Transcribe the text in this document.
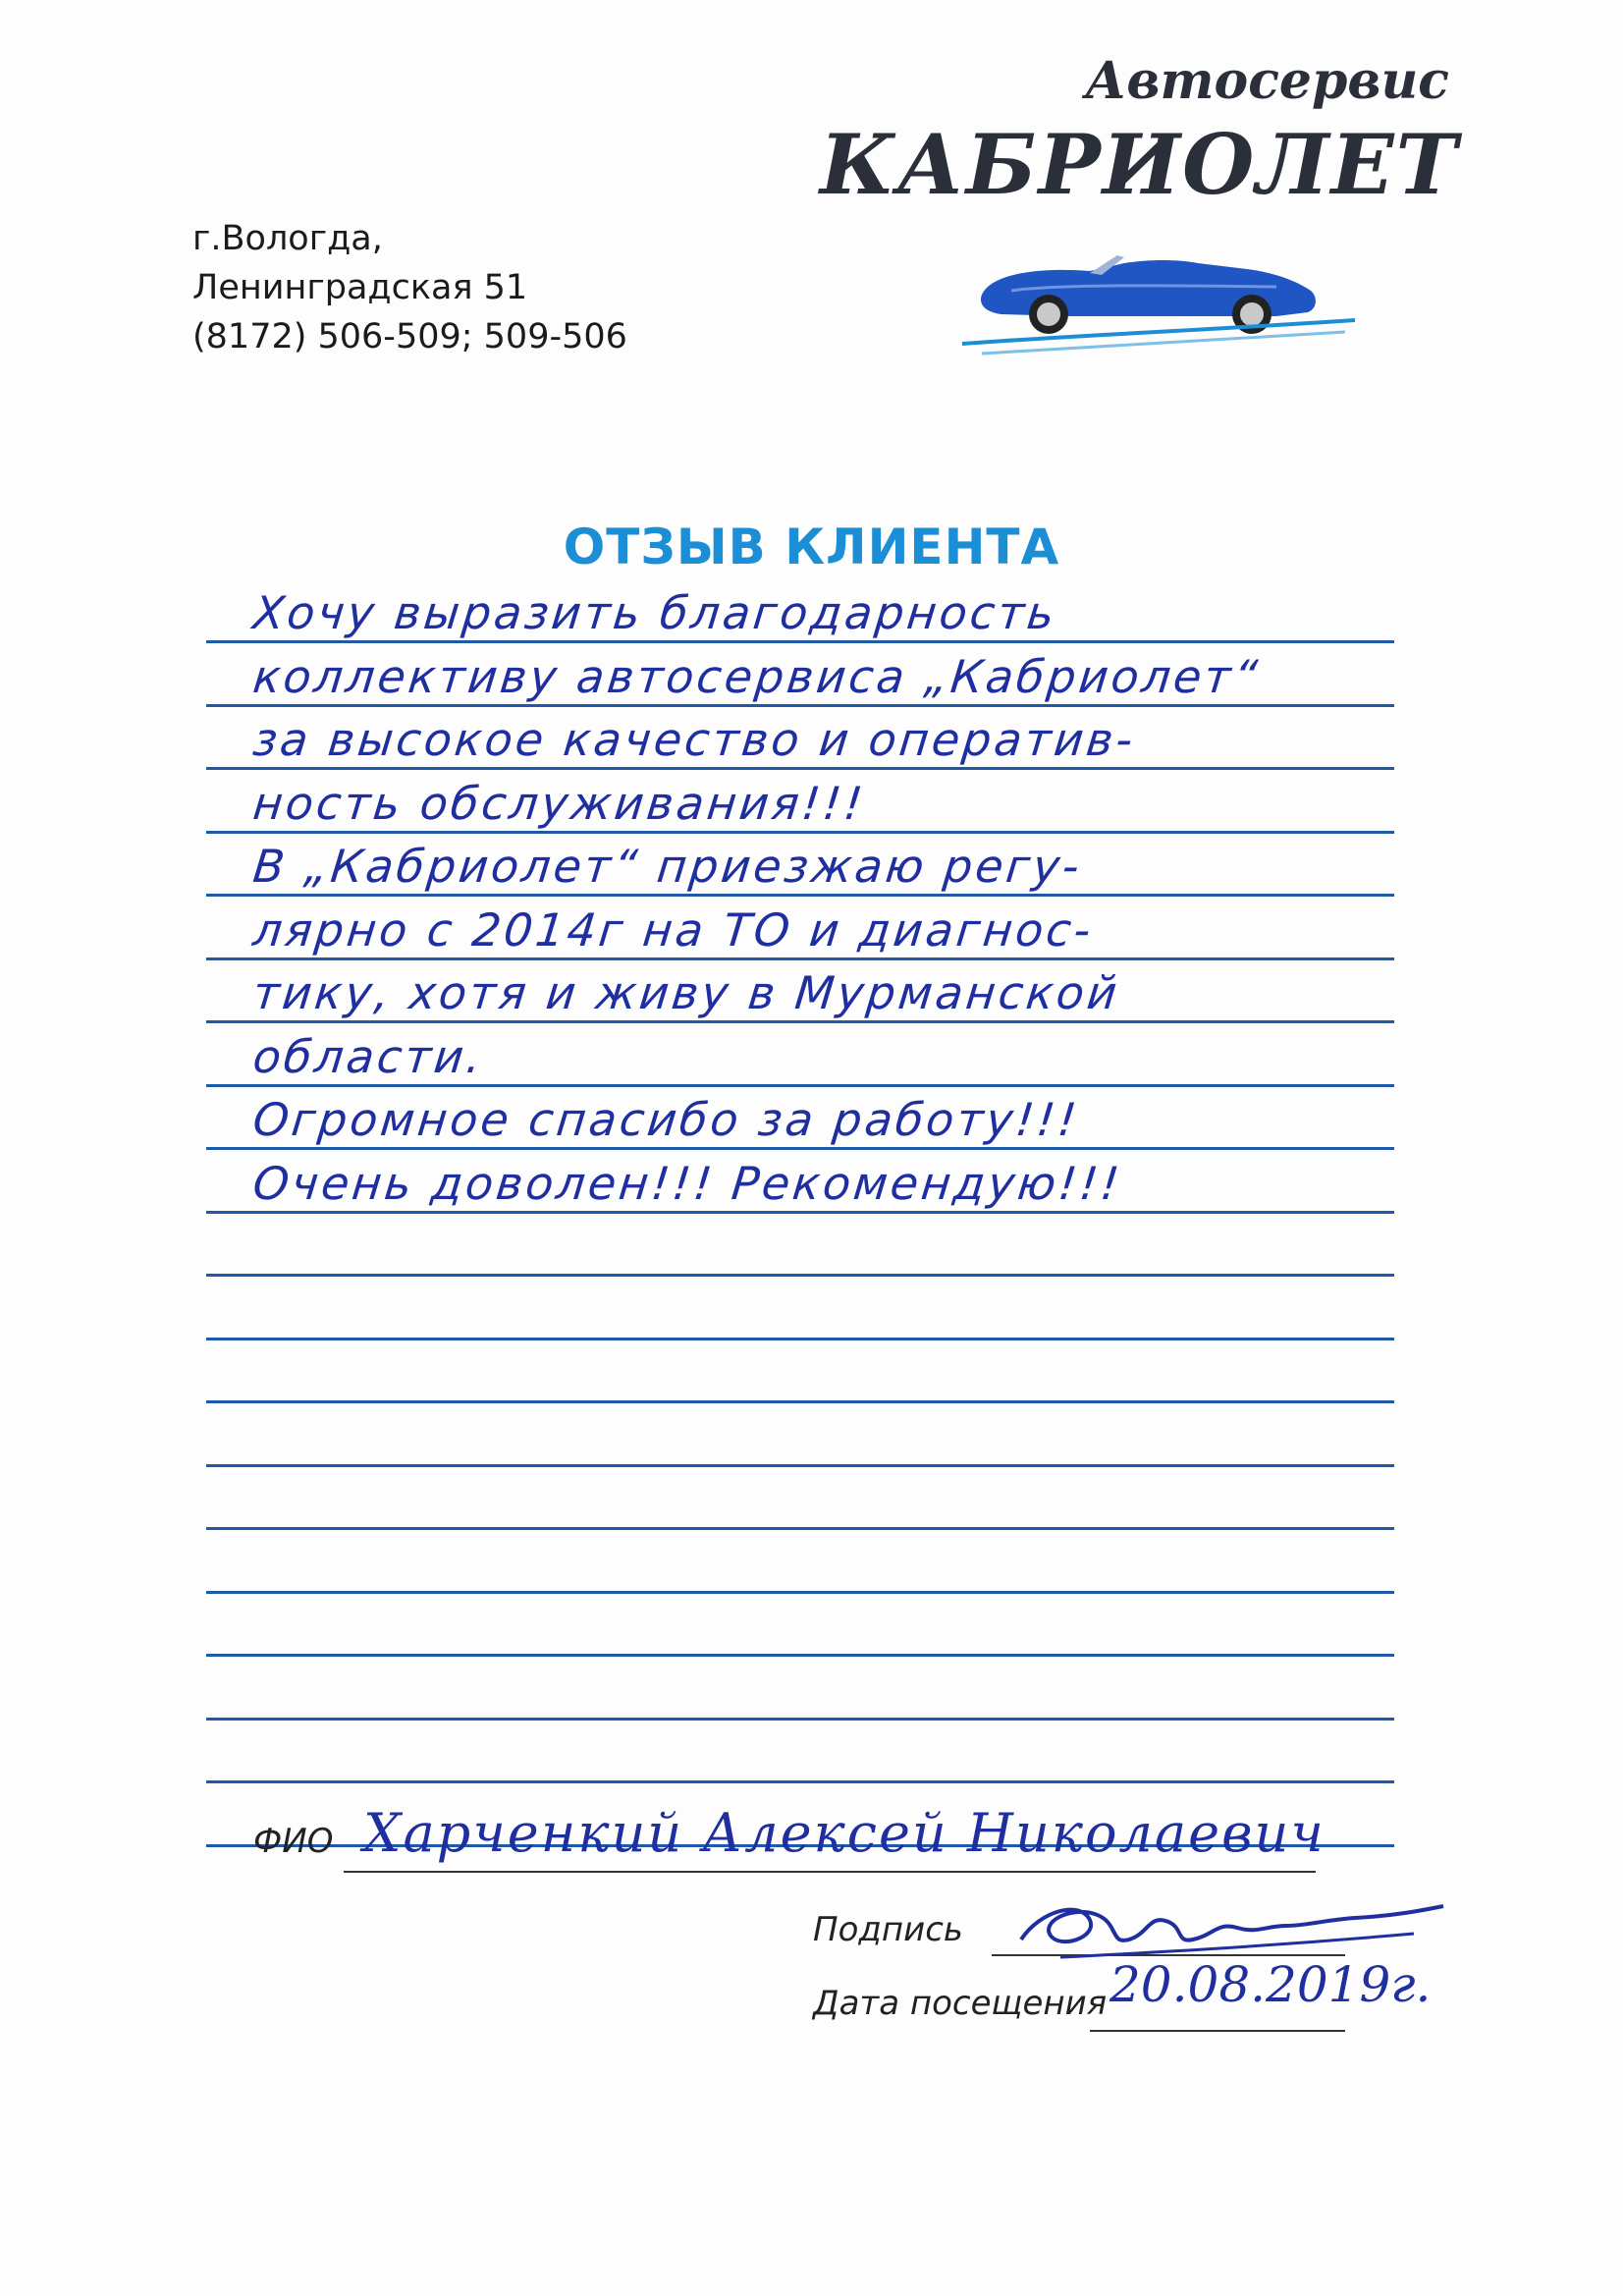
г.Вологда,
Ленинградская 51
(8172) 506-509; 509-506
Автосервис
КАБРИОЛЕТ
ОТЗЫВ КЛИЕНТА
Хочу выразить благодарность
коллективу автосервиса „Кабриолет“
за высокое качество и оператив-
ность обслуживания!!!
В „Кабриолет“ приезжаю регу-
лярно с 2014г на ТО и диагнос-
тику, хотя и живу в Мурманской
области.
Огромное спасибо за работу!!!
Очень доволен!!! Рекомендую!!!
ФИО Харченкий Алексей Николаевич
Подпись
Дата посещения 20.08.2019г.
